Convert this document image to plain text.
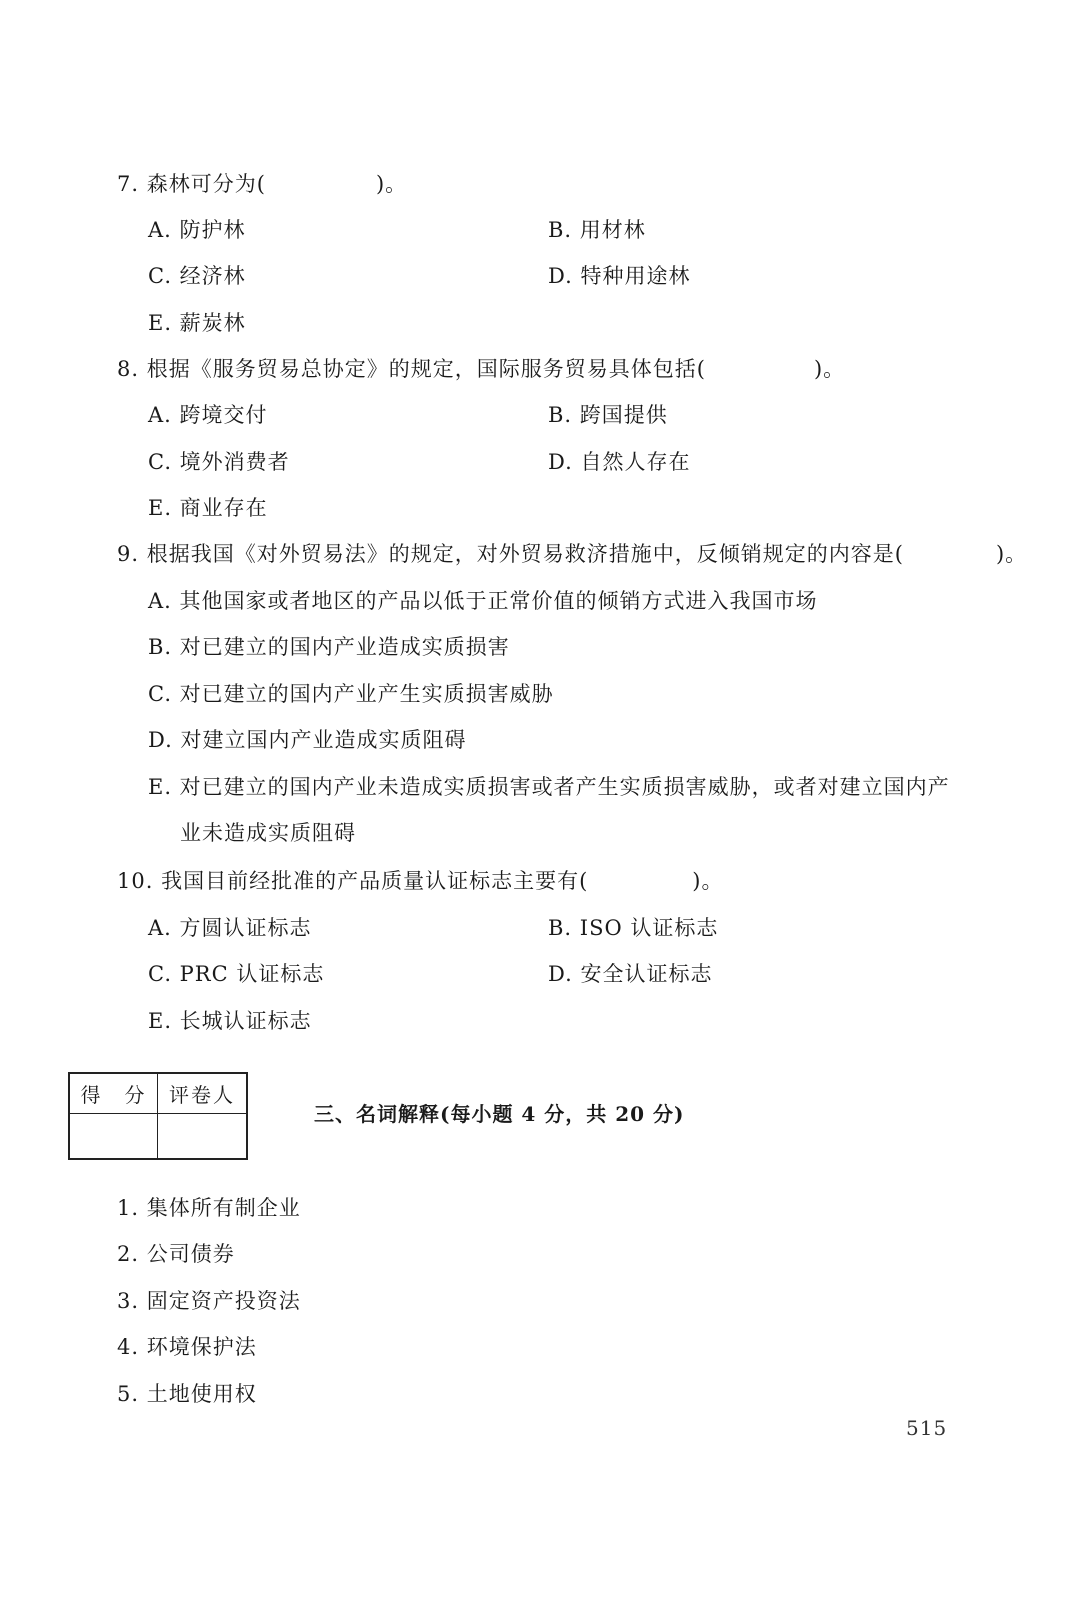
7. 森林可分为(	)。
A. 防护林	B. 用材林
C. 经济林	D. 特种用途林
E. 薪炭林
8. 根据《服务贸易总协定》的规定，国际服务贸易具体包括(	)。
A. 跨境交付	B. 跨国提供
C. 境外消费者	D. 自然人存在
E. 商业存在
9. 根据我国《对外贸易法》的规定，对外贸易救济措施中，反倾销规定的内容是(	)。
A. 其他国家或者地区的产品以低于正常价值的倾销方式进入我国市场
B. 对已建立的国内产业造成实质损害
C. 对已建立的国内产业产生实质损害威胁
D. 对建立国内产业造成实质阻碍
E. 对已建立的国内产业未造成实质损害或者产生实质损害威胁，或者对建立国内产
业未造成实质阻碍
10. 我国目前经批准的产品质量认证标志主要有(	)。
A. 方圆认证标志	B. ISO 认证标志
C. PRC 认证标志	D. 安全认证标志
E. 长城认证标志
得　分	评卷人
三、名词解释(每小题 4 分，共 20 分)
1. 集体所有制企业
2. 公司债券
3. 固定资产投资法
4. 环境保护法
5. 土地使用权
515
